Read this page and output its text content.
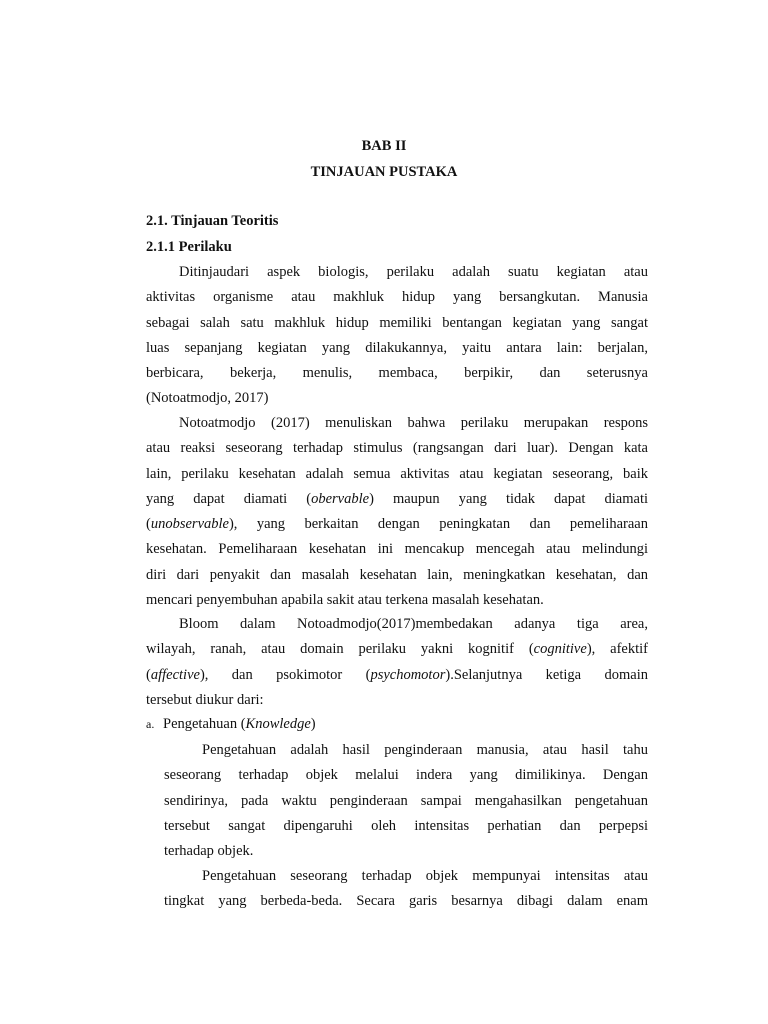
BAB II
TINJAUAN PUSTAKA
2.1. Tinjauan Teoritis
2.1.1 Perilaku
Ditinjaudari aspek biologis, perilaku adalah suatu kegiatan atau
aktivitas organisme atau makhluk hidup yang bersangkutan. Manusia
sebagai salah satu makhluk hidup memiliki bentangan kegiatan yang sangat
luas sepanjang kegiatan yang dilakukannya, yaitu antara lain: berjalan,
berbicara, bekerja, menulis, membaca, berpikir, dan seterusnya
(Notoatmodjo, 2017)
Notoatmodjo (2017) menuliskan bahwa perilaku merupakan respons
atau reaksi seseorang terhadap stimulus (rangsangan dari luar). Dengan kata
lain, perilaku kesehatan adalah semua aktivitas atau kegiatan seseorang, baik
yang dapat diamati (obervable) maupun yang tidak dapat diamati
(unobservable), yang berkaitan dengan peningkatan dan pemeliharaan
kesehatan. Pemeliharaan kesehatan ini mencakup mencegah atau melindungi
diri dari penyakit dan masalah kesehatan lain, meningkatkan kesehatan, dan
mencari penyembuhan apabila sakit atau terkena masalah kesehatan.
Bloom dalam Notoadmodjo(2017)membedakan adanya tiga area,
wilayah, ranah, atau domain perilaku yakni kognitif (cognitive), afektif
(affective), dan psokimotor (psychomotor).Selanjutnya ketiga domain
tersebut diukur dari:
a. Pengetahuan (Knowledge)
Pengetahuan adalah hasil penginderaan manusia, atau hasil tahu
seseorang terhadap objek melalui indera yang dimilikinya. Dengan
sendirinya, pada waktu penginderaan sampai mengahasilkan pengetahuan
tersebut sangat dipengaruhi oleh intensitas perhatian dan perpepsi
terhadap objek.
Pengetahuan seseorang terhadap objek mempunyai intensitas atau
tingkat yang berbeda-beda. Secara garis besarnya dibagi dalam enam
